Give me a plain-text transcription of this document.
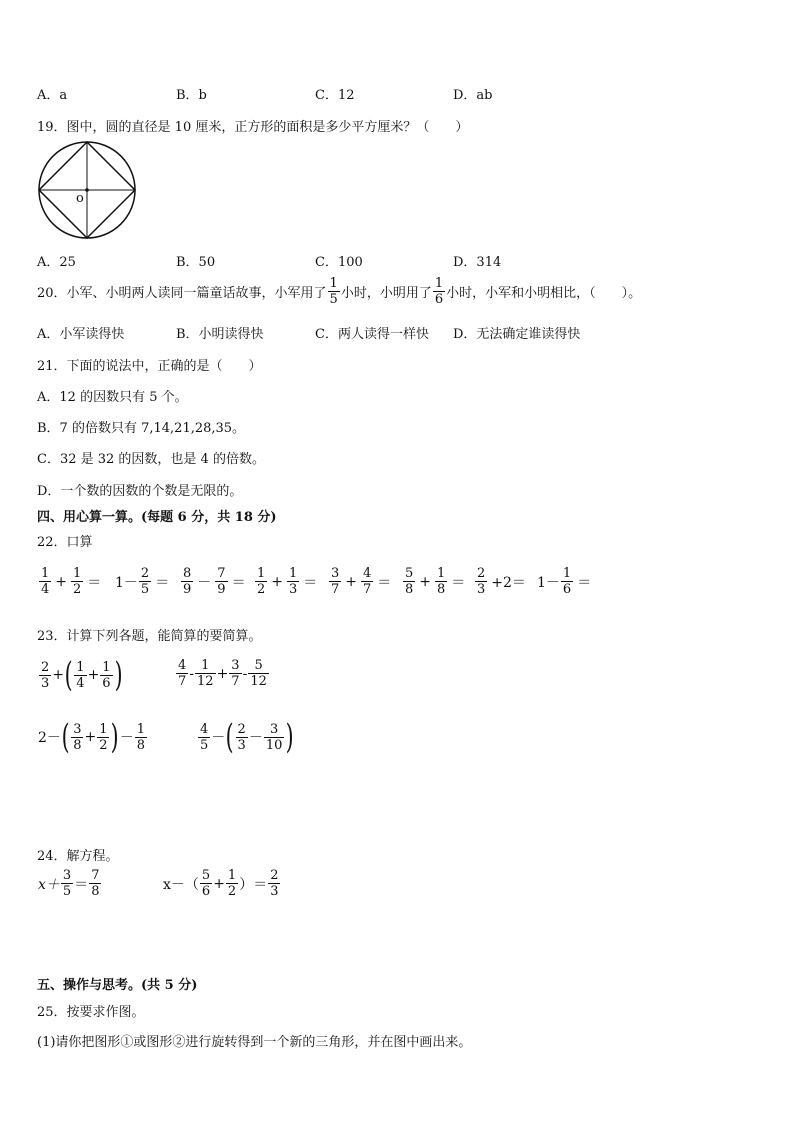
A．a	B．b	C．12	D．ab
19．图中，圆的直径是 10 厘米，正方形的面积是多少平方厘米？（　　）
o
A．25	B．50	C．100	D．314
20．小军、小明两人读同一篇童话故事，小军用了 $\frac{1}{5}$ 小时，小明用了 $\frac{1}{6}$ 小时，小军和小明相比，（　　）。
A．小军读得快	B．小明读得快	C．两人读得一样快 D．无法确定谁读得快
21．下面的说法中，正确的是（　　）
A．12 的因数只有 5 个。
B．7 的倍数只有 7,14,21,28,35。
C．32 是 32 的因数，也是 4 的倍数。
D．一个数的因数的个数是无限的。
四、用心算一算。(每题 6 分，共 18 分)
22．口算
$\frac{1}{4} + \frac{1}{2} = 1- \frac{2}{5} = \frac{8}{9} - \frac{7}{9} = \frac{1}{2} + \frac{1}{3} = \frac{3}{7} + \frac{4}{7} = \frac{5}{8} + \frac{1}{8} = \frac{2}{3} +2= 1- \frac{1}{6}$ ＝
23．计算下列各题，能简算的要简算。
$\frac{2}{3}$ + ( $\frac{1}{4} + \frac{1}{6}$ )	$\frac{4}{7} - \frac{1}{12} + \frac{3}{7} - \frac{5}{12}$
2－ ( $\frac{3}{8} + \frac{1}{2}$ ) － $\frac{1}{8}$	$\frac{4}{5}$ － ( $\frac{2}{3} - \frac{3}{10}$ )
24．解方程。
$x+ \frac{3}{5} = \frac{7}{8}$	$x-( \frac{5}{6} + \frac{1}{2}$ ）＝ $\frac{2}{3}$
五、操作与思考。(共 5 分)
25．按要求作图。
(1)请你把图形①或图形②进行旋转得到一个新的三角形，并在图中画出来。
